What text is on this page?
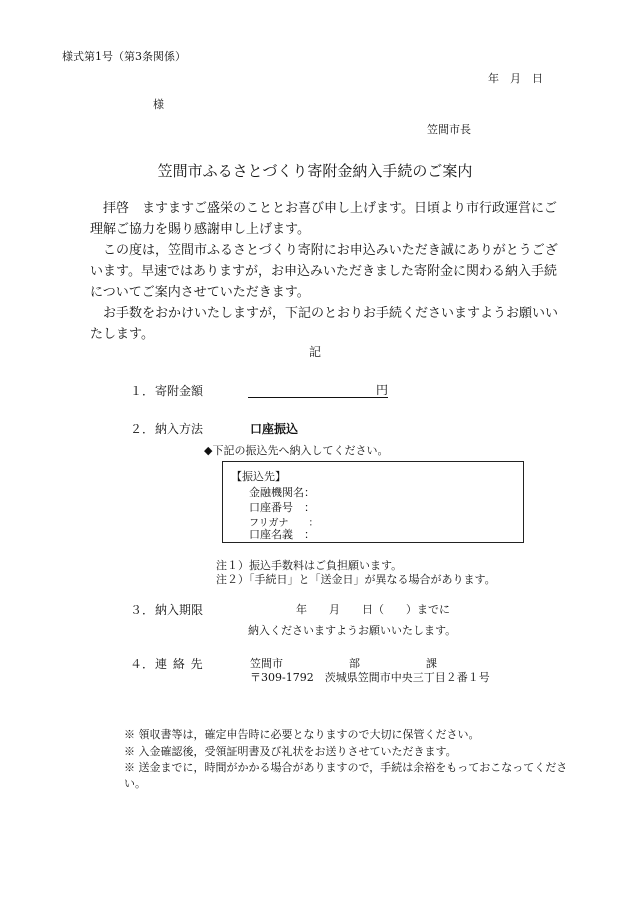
様式第1号（第3条関係）
年　月　日
様
笠間市長
笠間市ふるさとづくり寄附金納入手続のご案内
　拝啓　ますますご盛栄のこととお喜び申し上げます。日頃より市行政運営にご理解ご協力を賜り感謝申し上げます。
　この度は，笠間市ふるさとづくり寄附にお申込みいただき誠にありがとうございます。早速ではありますが，お申込みいただきました寄附金に関わる納入手続についてご案内させていただきます。
　お手数をおかけいたしますが，下記のとおりお手続くださいますようお願いいたします。
記
１． 寄附金額	円
２． 納入方法	口座振込
◆下記の振込先へ納入してください。
【振込先】
金融機関名：
口座番号　：
フリガナ　　：
口座名義　：
注１）振込手数料はご負担願います。
注２）「手続日」と「送金日」が異なる場合があります。
３． 納入期限	年　　月　　日（　　）までに
納入くださいますようお願いいたします。
４． 連 絡 先	笠間市　　　　　　部　　　　　　課
〒309-1792　茨城県笠間市中央三丁目２番１号
※ 領収書等は，確定申告時に必要となりますので大切に保管ください。
※ 入金確認後，受領証明書及び礼状をお送りさせていただきます。
※ 送金までに，時間がかかる場合がありますので，手続は余裕をもっておこなってください。
